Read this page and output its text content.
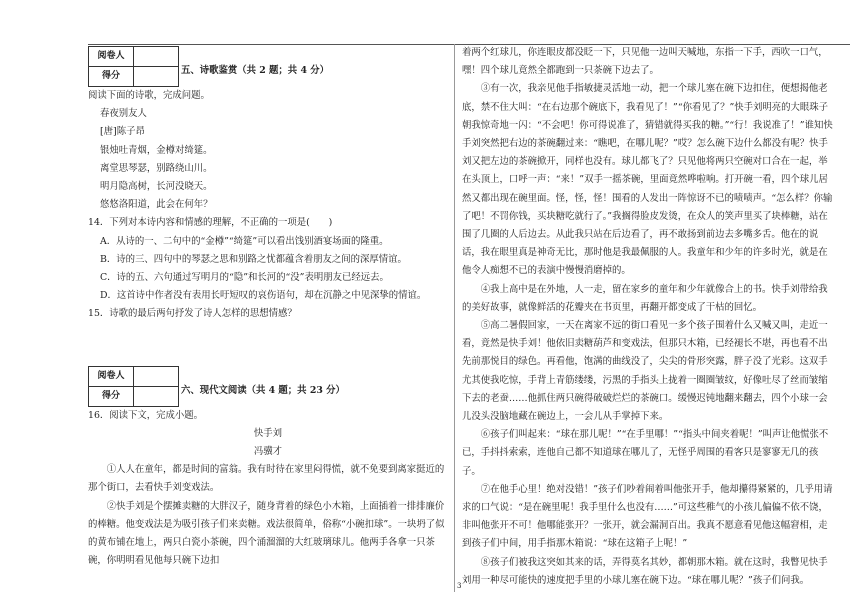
阅卷人	
得分		五、诗歌鉴赏（共 2 题；共 4 分）

阅读下面的诗歌，完成问题。

春夜别友人

[唐]陈子昂

银烛吐青烟，金樽对绮筵。

离堂思琴瑟，别路绕山川。

明月隐高树，长河没晓天。

悠悠洛阳道，此会在何年？

14．下列对本诗内容和情感的理解，不正确的一项是(　　)

A．从诗的一、二句中的“金樽”“绮筵”可以看出饯别酒宴场面的隆重。

B．诗的三、四句中的琴瑟之思和别路之忧都蕴含着朋友之间的深厚情谊。

C．诗的五、六句通过写明月的“隐”和长河的“没”表明朋友已经远去。

D．这首诗中作者没有表用长吁短叹的哀伤语句，却在沉静之中见深挚的情谊。

15．诗歌的最后两句抒发了诗人怎样的思想情感？

阅卷人	
得分		六、现代文阅读（共 4 题；共 23 分）

16．阅读下文，完成小题。

快手刘

冯骥才

①人人在童年，都是时间的富翁。我有时待在家里闷得慌，就不免要到离家挺近的那个街口，去看快手刘变戏法。

②快手刘是个摆摊卖糖的大胖汉子，随身背着的绿色小木箱，上面插着一排排廉价的棒糖。他变戏法是为吸引孩子们来卖糖。戏法很简单，俗称“小碗扣球”。一块坍了似的黄布铺在地上，两只白瓷小茶碗，四个涌溜溜的大红玻璃球儿。他两手各拿一只茶碗，你明明看见他每只碗下边扣

着两个红球儿，你连眼皮都没眨一下，只见他一边叫天喊地，东指一下手，西吹一口气，嘿！四个球儿竟然全都跑到一只茶碗下边去了。

③有一次，我亲见他手指敏捷灵活地一动，把一个球儿塞在碗下边扣住，便想揭他老底，禁不住大叫：“在右边那个碗底下，我看见了！”“你看见了？”快手刘明亮的大眼珠子朝我惊奇地一闪：“不会吧！你可得说准了，猜错就得买我的糖。”“行！我说准了！”谁知快手刘突然把右边的茶碗翻过来：“瞧吧，在哪儿呢？”哎？怎么碗下边什么都没有呢？快手刘又把左边的茶碗掀开，同样也没有。球儿都飞了？只见他将两只空碗对口合在一起，举在头顶上，口呼一声：“来！”双手一摇茶碗，里面竟然哗啦响。打开碗一看，四个球儿居然又都出现在碗里面。怪，怪，怪！围看的人发出一阵惊讶不已的啧啧声。“怎么样？你输了吧！不罚你钱，买块糖吃就行了。”我搁得脸皮发烫，在众人的笑声里买了块棒糖，站在围了几圈的人后边去。从此我只站在后边看了，再不敢扬到前边去多嘴多舌。他在的说话，我在眼里真是神奇无比，那时他是我最佩服的人。我童年和少年的许多时光，就是在他令人痴想不已的表演中慢慢消磨掉的。

④我上高中是在外地，人一走，留在家乡的童年和少年就像合上的书。快手刘带给我的美好故事，就像鲜活的花瓣夹在书页里，再翻开都变成了干枯的回忆。

⑤高二暑假回家，一天在离家不远的街口看见一多个孩子围着什么又喊又叫，走近一看，竟然是快手刘！他依旧卖糖葫芦和变戏法，但那只木箱，已经褪长不堪，再也看不出先前那悦目的绿色。再看他，饱满的曲线没了，尖尖的骨形突露，胖子没了光彩。这双手尤其使我吃惊，手背上青筋缕缕，污黑的手指头上拢着一圈圈皱纹，好像吐尽了丝而皱缩下去的老蚕……他抓住两只碗得破破烂烂的茶碗口。缓慢迟钝地翻来翻去，四个小球一会儿没头没脑地藏在碗边上，一会儿从手掌掉下来。

⑥孩子们叫起来：“球在那儿呢！”“在手里哪！”“指头中间夹着呢！”叫声让他慌张不已，手抖抖索索，连他自己都不知道球在哪儿了，无怪乎周围的看客只是寥寥无几的孩子。

⑦在他手心里！绝对没错！”孩子们吵着闹着叫他张开手，他却攥得紧紧的，几乎用请求的口气说：“是在碗里呢！我手里什么也没有……”可这些稚气的小孩儿偏偏不依不饶，非叫他张开不可！他哪能张开？一张开，就会漏洞百出。我真不愿意看见他这幅窘相，走到孩子们中间，用手指那木箱说：“球在这箱子上呢！”

⑧孩子们被我这突如其来的话，弄得莫名其妙，都朝那木箱。就在这时，我瞥见快手刘用一种尽可能快的速度把手里的小球儿塞在碗下边。“球在哪儿呢？”孩子们问我。

3
